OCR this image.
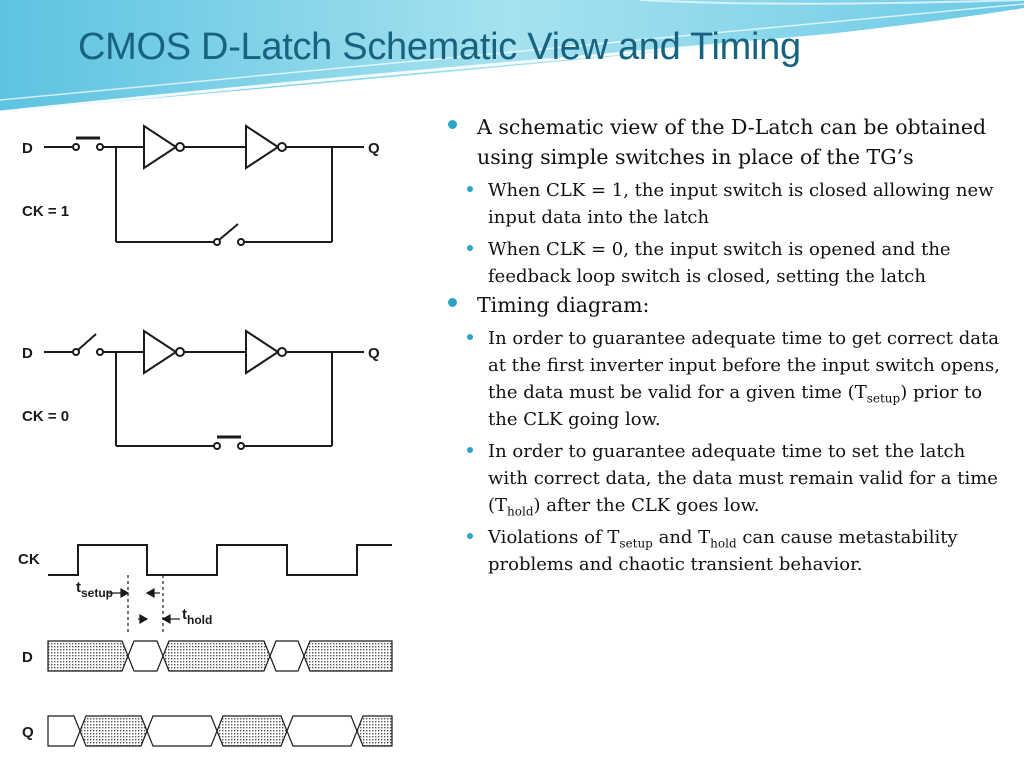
CMOS D-Latch Schematic View and Timing
D	Q
CK = 1
D	Q
CK = 0
CK
D
Q
$t_{setup}$
$t_{hold}$
A schematic view of the D-Latch can be obtained using simple switches in place of the TG’s
When CLK = 1, the input switch is closed allowing new input data into the latch
When CLK = 0, the input switch is opened and the feedback loop switch is closed, setting the latch
Timing diagram:
In order to guarantee adequate time to get correct data at the first inverter input before the input switch opens, the data must be valid for a given time $(T_{setup})$ prior to the CLK going low.
In order to guarantee adequate time to set the latch with correct data, the data must remain valid for a time $(T_{hold})$ after the CLK goes low.
Violations of $T_{setup}$ and $T_{hold}$ can cause metastability problems and chaotic transient behavior.
